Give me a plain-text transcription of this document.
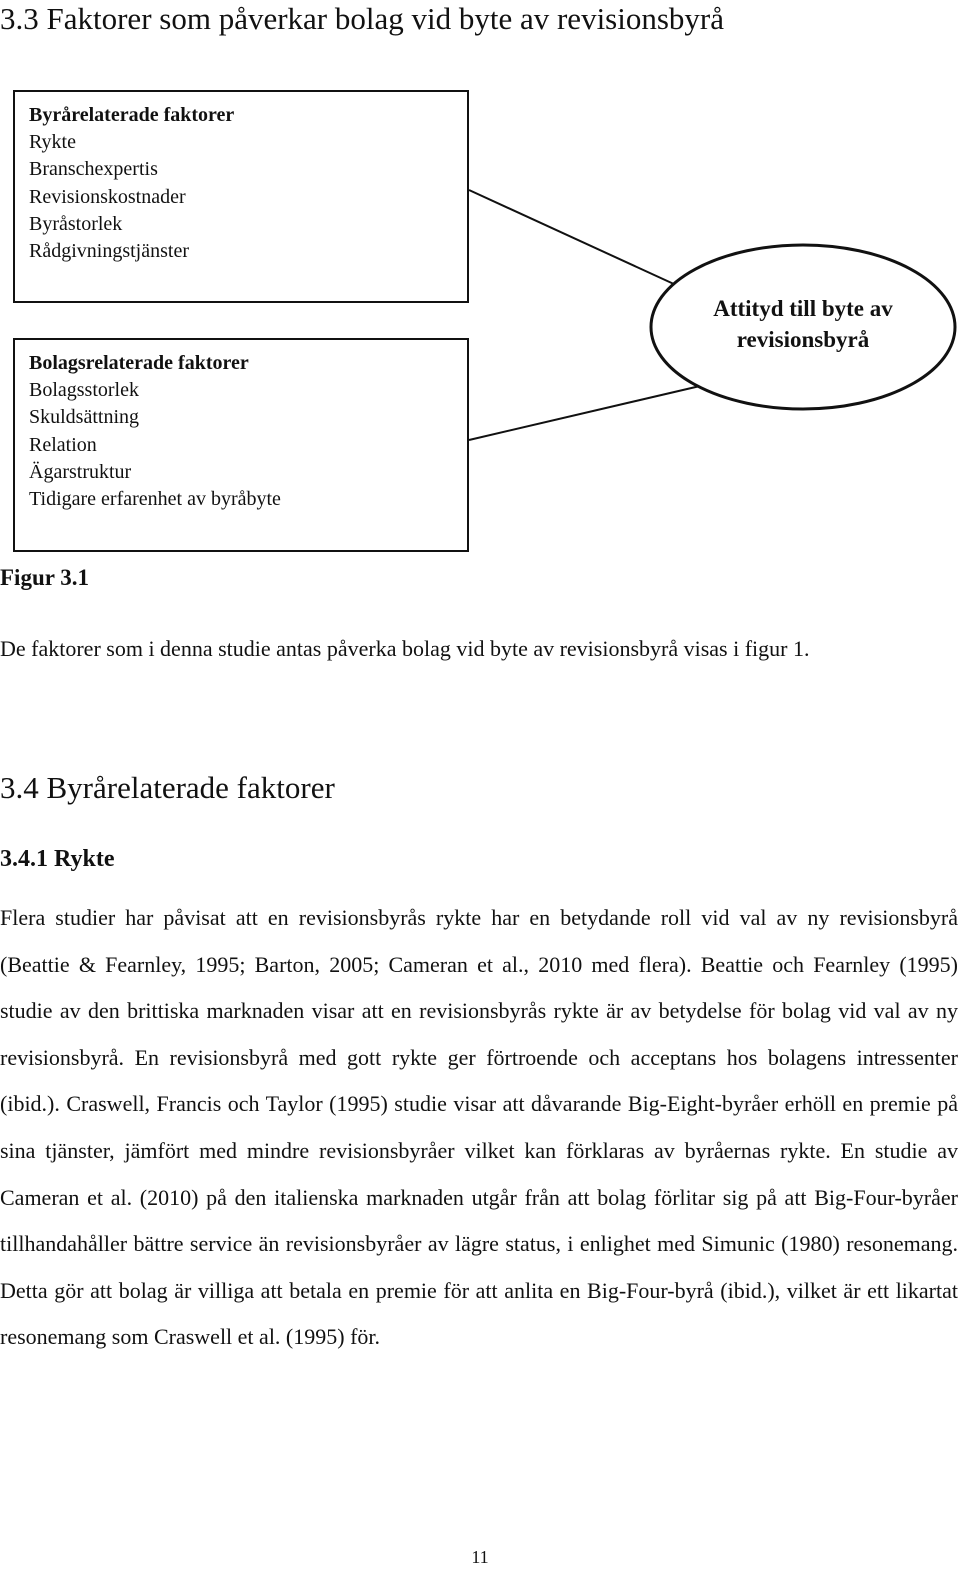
3.3 Faktorer som påverkar bolag vid byte av revisionsbyrå
Byrårelaterade faktorer
Rykte
Branschexpertis
Revisionskostnader
Byråstorlek
Rådgivningstjänster
Bolagsrelaterade faktorer
Bolagsstorlek
Skuldsättning
Relation
Ägarstruktur
Tidigare erfarenhet av byråbyte
Attityd till byte av revisionsbyrå
Figur 3.1

De faktorer som i denna studie antas påverka bolag vid byte av revisionsbyrå visas i figur 1.

3.4 Byrårelaterade faktorer
3.4.1 Rykte

Flera studier har påvisat att en revisionsbyrås rykte har en betydande roll vid val av ny revisionsbyrå (Beattie & Fearnley, 1995; Barton, 2005; Cameran et al., 2010 med flera). Beattie och Fearnley (1995) studie av den brittiska marknaden visar att en revisionsbyrås rykte är av betydelse för bolag vid val av ny revisionsbyrå. En revisionsbyrå med gott rykte ger förtroende och acceptans hos bolagens intressenter (ibid.). Craswell, Francis och Taylor (1995) studie visar att dåvarande Big-Eight-byråer erhöll en premie på sina tjänster, jämfört med mindre revisionsbyråer vilket kan förklaras av byråernas rykte. En studie av Cameran et al. (2010) på den italienska marknaden utgår från att bolag förlitar sig på att Big-Four-byråer tillhandahåller bättre service än revisionsbyråer av lägre status, i enlighet med Simunic (1980) resonemang. Detta gör att bolag är villiga att betala en premie för att anlita en Big-Four-byrå (ibid.), vilket är ett likartat resonemang som Craswell et al. (1995) för.

11
